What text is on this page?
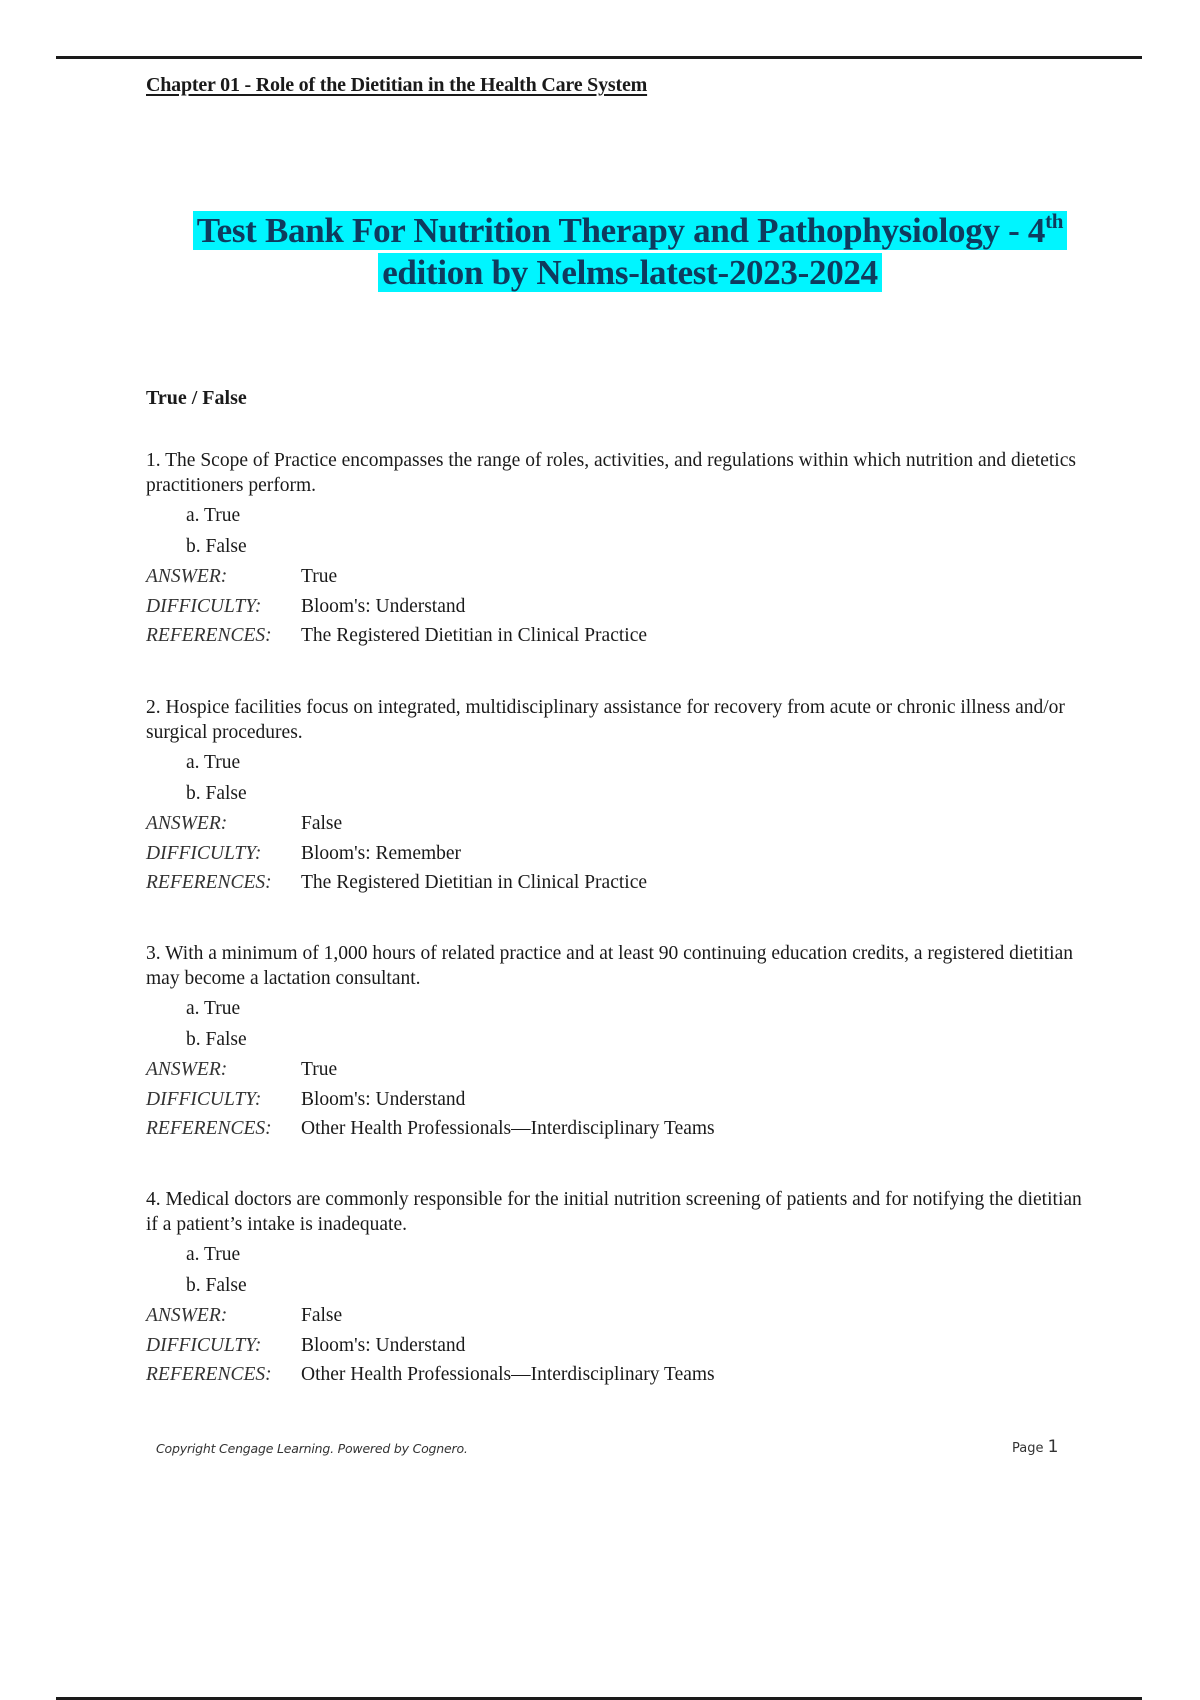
Chapter 01 - Role of the Dietitian in the Health Care System
Test Bank For Nutrition Therapy and Pathophysiology - 4th
edition by Nelms-latest-2023-2024
True / False

1. The Scope of Practice encompasses the range of roles, activities, and regulations within which nutrition and dietetics practitioners perform.

a. True
b. False
ANSWER:	True
DIFFICULTY:	Bloom's: Understand
REFERENCES:	The Registered Dietitian in Clinical Practice

2. Hospice facilities focus on integrated, multidisciplinary assistance for recovery from acute or chronic illness and/or surgical procedures.

a. True
b. False
ANSWER:	False
DIFFICULTY:	Bloom's: Remember
REFERENCES:	The Registered Dietitian in Clinical Practice

3. With a minimum of 1,000 hours of related practice and at least 90 continuing education credits, a registered dietitian may become a lactation consultant.

a. True
b. False
ANSWER:	True
DIFFICULTY:	Bloom's: Understand
REFERENCES:	Other Health Professionals—Interdisciplinary Teams

4. Medical doctors are commonly responsible for the initial nutrition screening of patients and for notifying the dietitian if a patient’s intake is inadequate.

a. True
b. False
ANSWER:	False
DIFFICULTY:	Bloom's: Understand
REFERENCES:	Other Health Professionals—Interdisciplinary Teams
Copyright Cengage Learning. Powered by Cognero.	Page 1
